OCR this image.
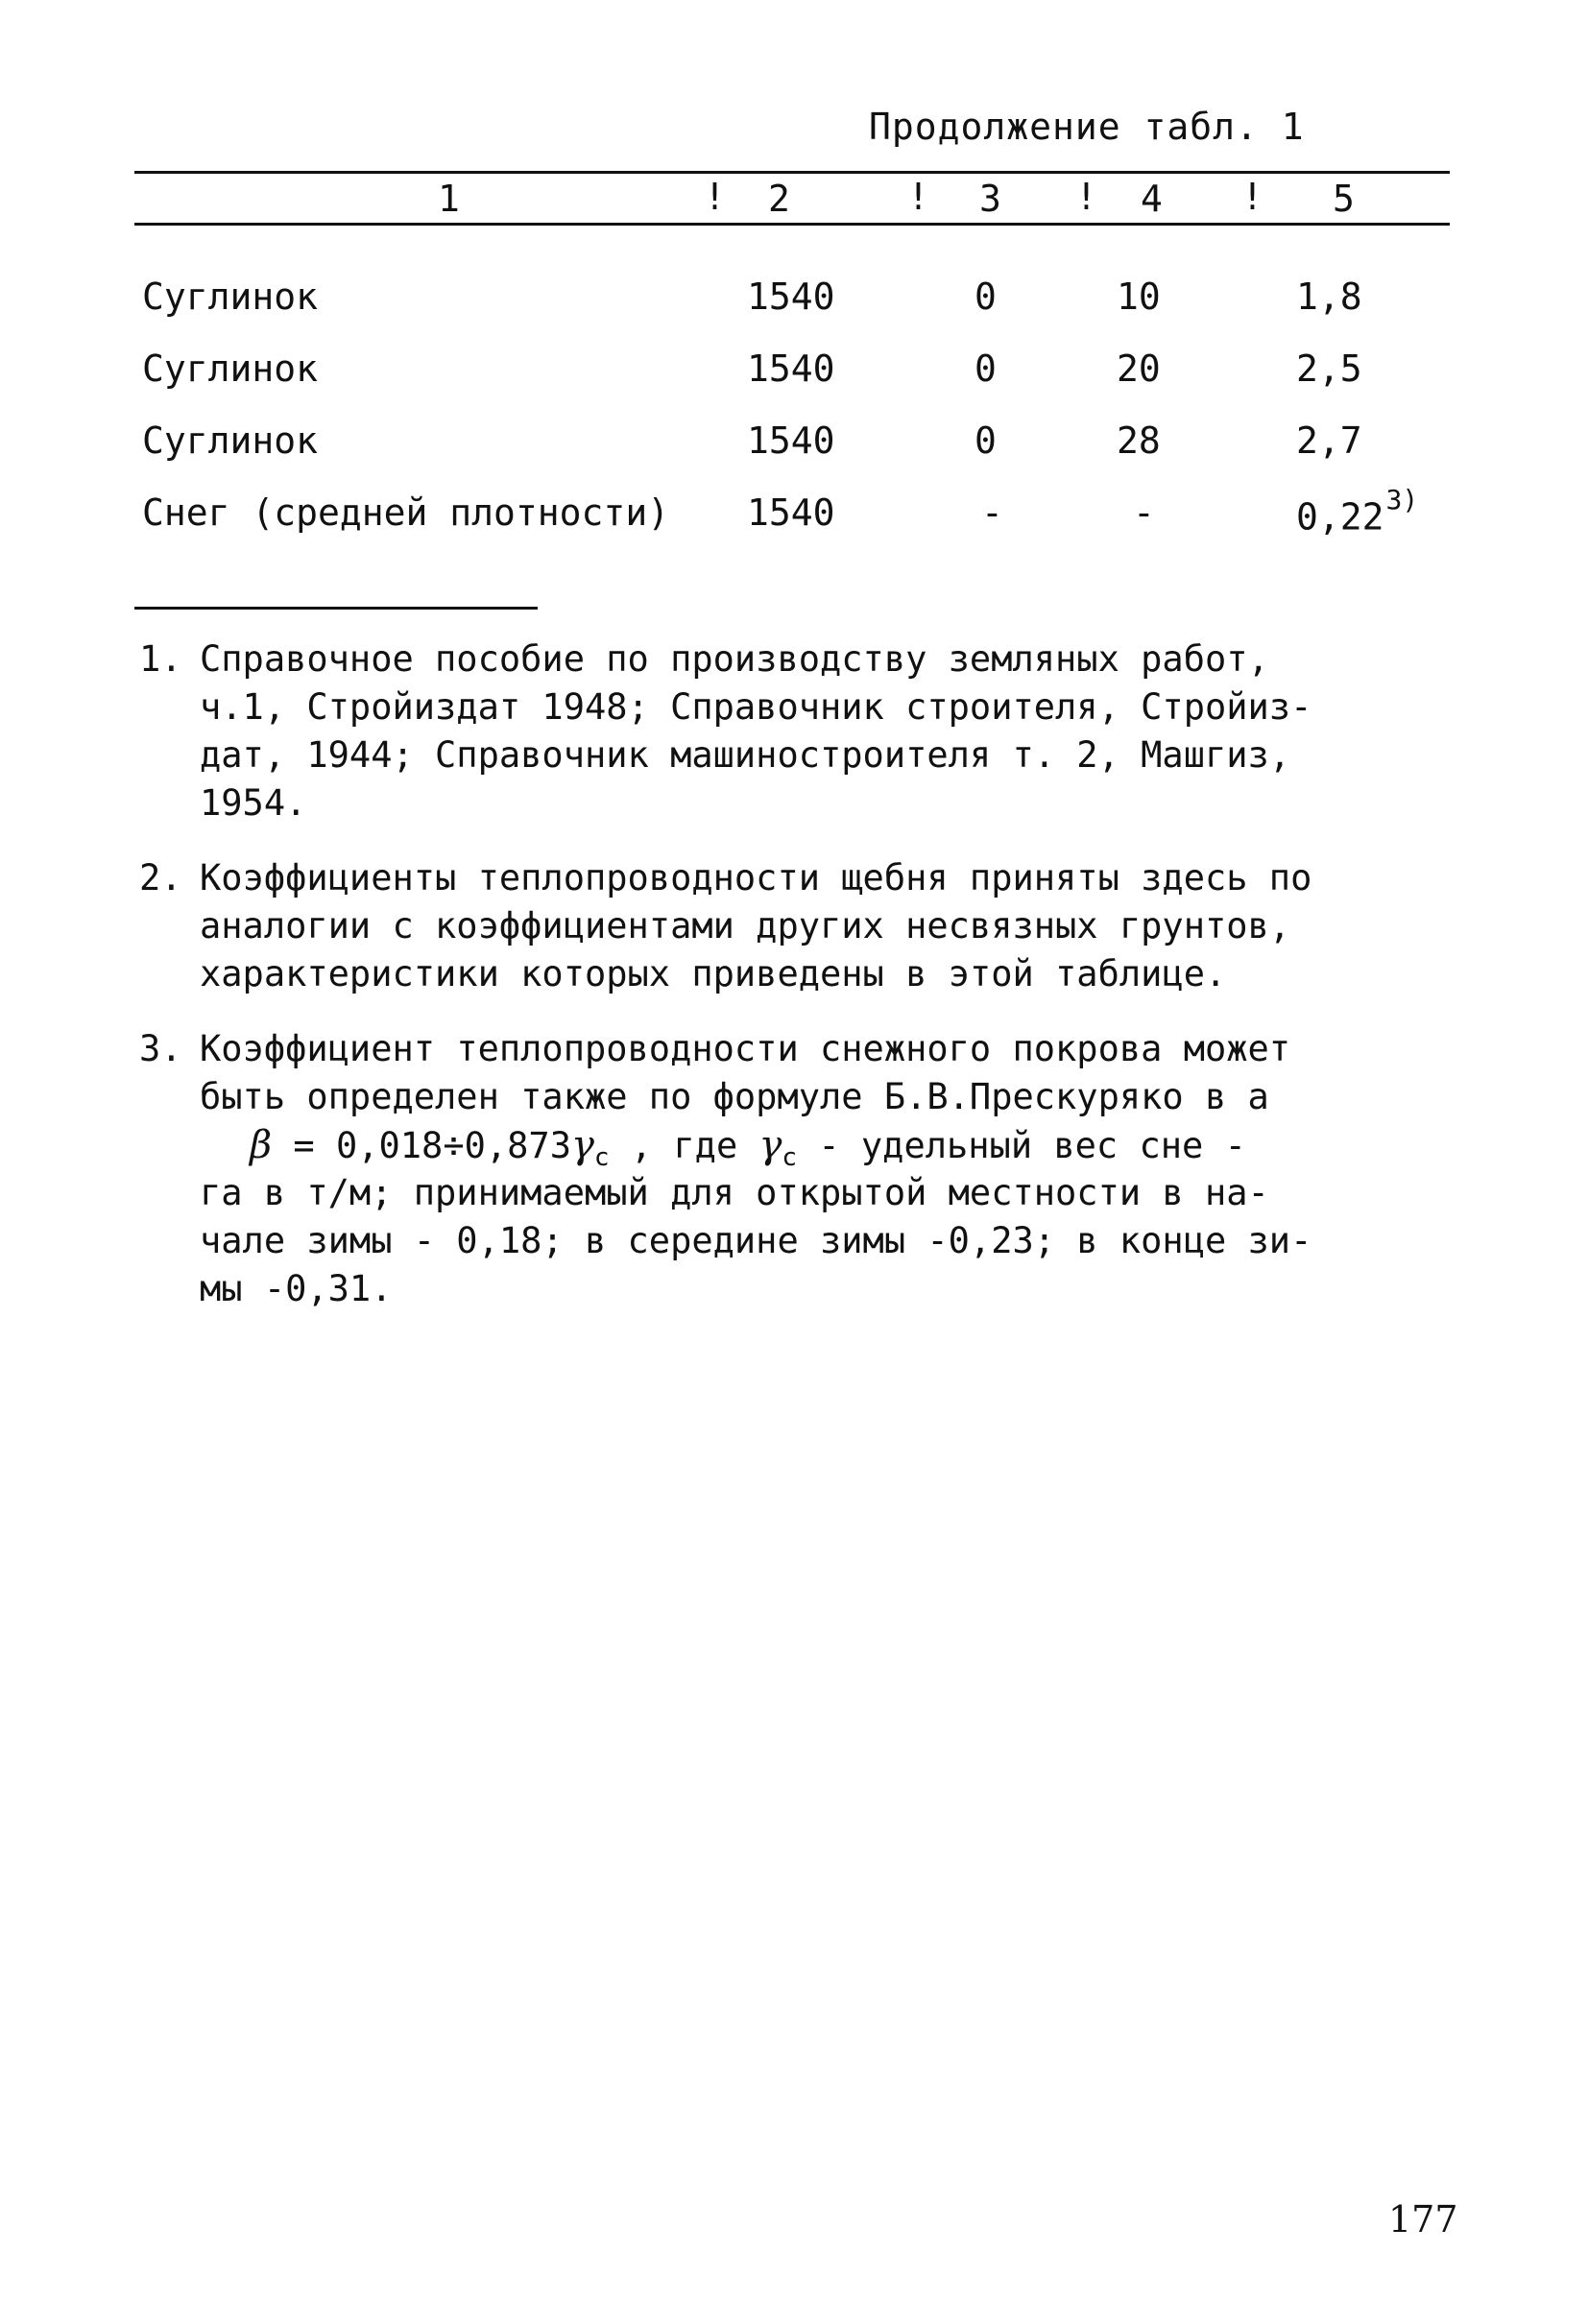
Продолжение табл. 1
1	! 2	! 3 ! 4 ! 5
Суглинок	1540	0	10	1,8
Суглинок	1540	0	20	2,5
Суглинок	1540	0	28	2,7
Снег (средней плотности) 1540	-	-	0,22$^{3)}$
1. Справочное пособие по производству земляных работ,
ч.1, Стройиздат 1948; Справочник строителя, Стройиз-
дат, 1944; Справочник машиностроителя т. 2, Машгиз,
1954.
2. Коэффициенты теплопроводности щебня приняты здесь по
аналогии с коэффициентами других несвязных грунтов,
характеристики которых приведены в этой таблице.
3. Коэффициент теплопроводности снежного покрова может
быть определен также по формуле Б.В.Прескуряко в а
$\beta = 0,018\div 0,873\gamma_c$ , где $\gamma_c$ - удельный вес сне -
га в т/м; принимаемый для открытой местности в на-
чале зимы - 0,18; в середине зимы -0,23; в конце зи-
мы -0,31.
177
